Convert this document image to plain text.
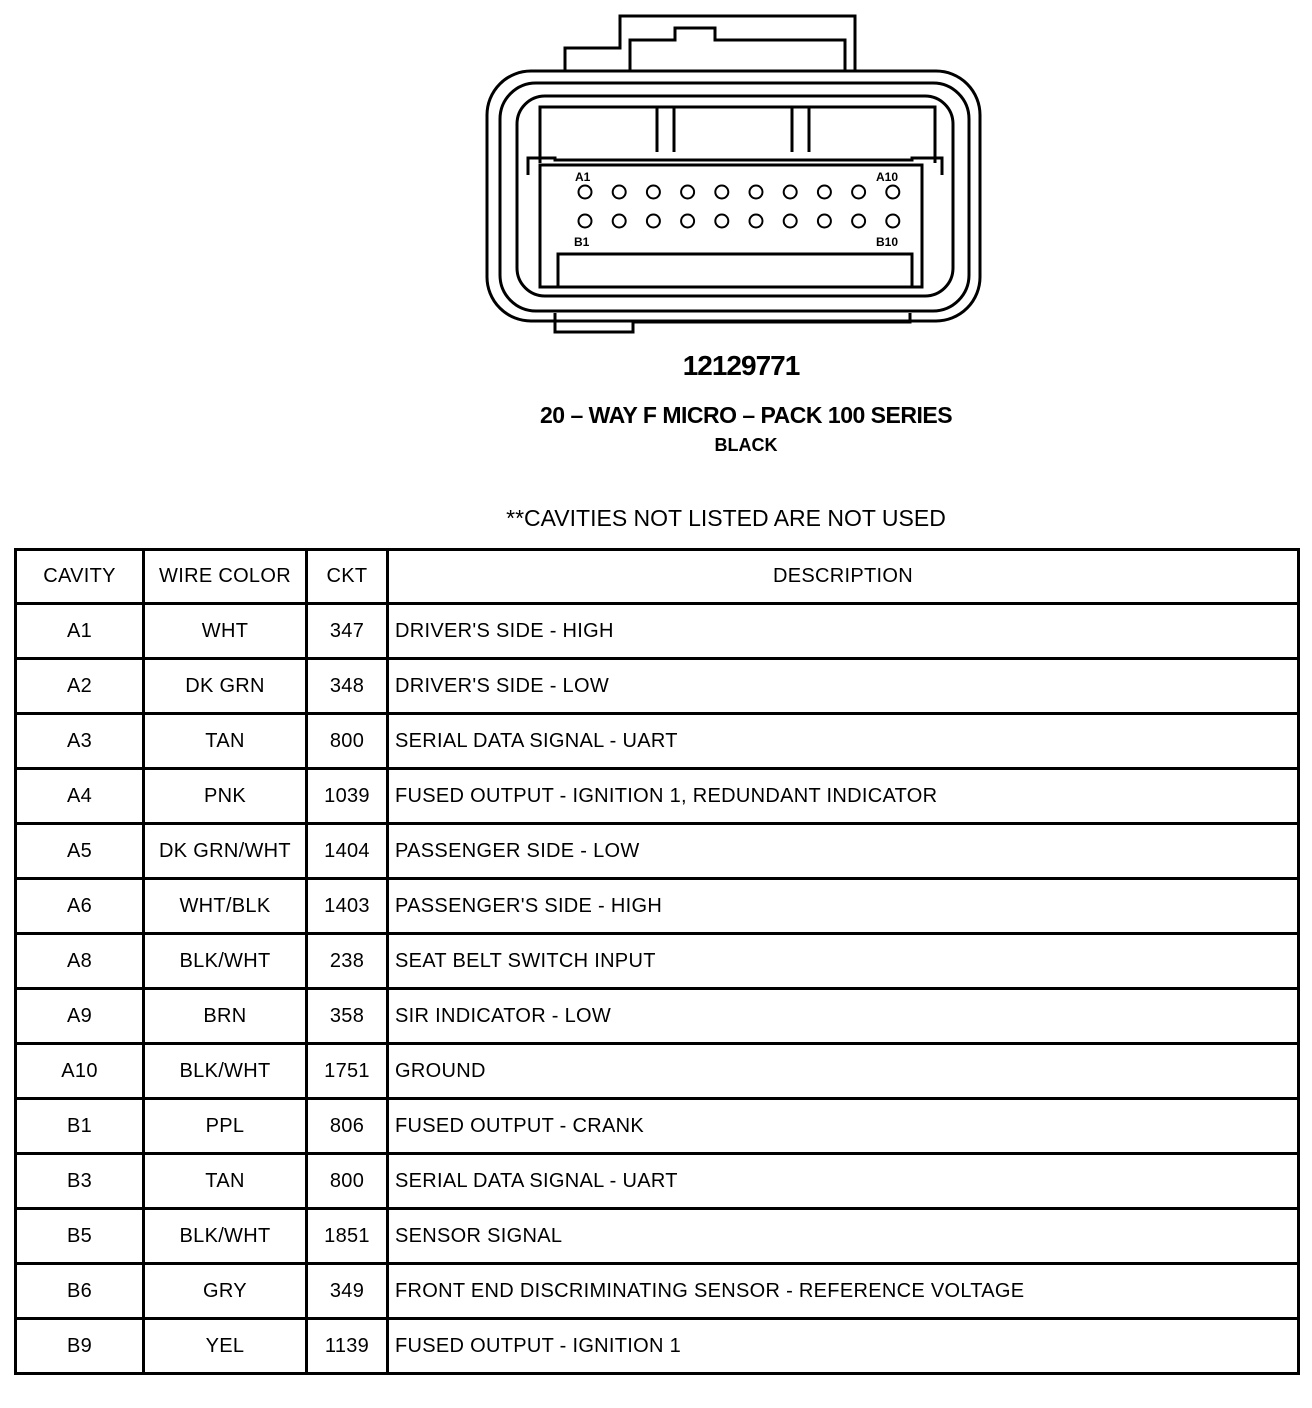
A1	A10
B1	B10
12129771
20 – WAY F MICRO – PACK 100 SERIES
BLACK
**CAVITIES NOT LISTED ARE NOT USED
CAVITY	WIRE COLOR	CKT	DESCRIPTION
A1	WHT	347	DRIVER'S SIDE - HIGH
A2	DK GRN	348	DRIVER'S SIDE - LOW
A3	TAN	800	SERIAL DATA SIGNAL - UART
A4	PNK	1039	FUSED OUTPUT - IGNITION 1, REDUNDANT INDICATOR
A5	DK GRN/WHT	1404	PASSENGER SIDE - LOW
A6	WHT/BLK	1403	PASSENGER'S SIDE - HIGH
A8	BLK/WHT	238	SEAT BELT SWITCH INPUT
A9	BRN	358	SIR INDICATOR - LOW
A10	BLK/WHT	1751	GROUND
B1	PPL	806	FUSED OUTPUT - CRANK
B3	TAN	800	SERIAL DATA SIGNAL - UART
B5	BLK/WHT	1851	SENSOR SIGNAL
B6	GRY	349	FRONT END DISCRIMINATING SENSOR - REFERENCE VOLTAGE
B9	YEL	1139	FUSED OUTPUT - IGNITION 1
